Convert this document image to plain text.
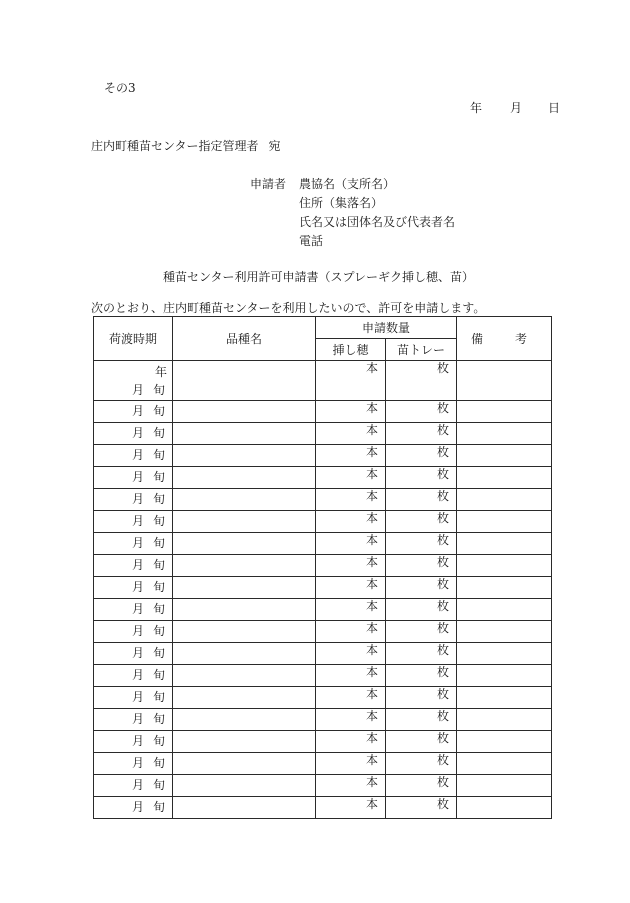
その3
年 月 日
庄内町種苗センター指定管理者 宛
申請者 農協名（支所名）
住所（集落名）
氏名又は団体名及び代表者名
電話
種苗センター利用許可申請書（スプレーギク挿し穂、苗）
次のとおり、庄内町種苗センターを利用したいので、許可を申請します。
荷渡時期	品種名	申請数量		備　考
		挿し穂	苗トレー	

年
月 旬		本	枚	

月 旬		本	枚	

月 旬		本	枚	

月 旬		本	枚	

月 旬		本	枚	

月 旬		本	枚	

月 旬		本	枚	

月 旬		本	枚	

月 旬		本	枚	

月 旬		本	枚	

月 旬		本	枚	

月 旬		本	枚	

月 旬		本	枚	

月 旬		本	枚	

月 旬		本	枚	

月 旬		本	枚	

月 旬		本	枚	

月 旬		本	枚	

月 旬		本	枚	

月 旬		本	枚	
